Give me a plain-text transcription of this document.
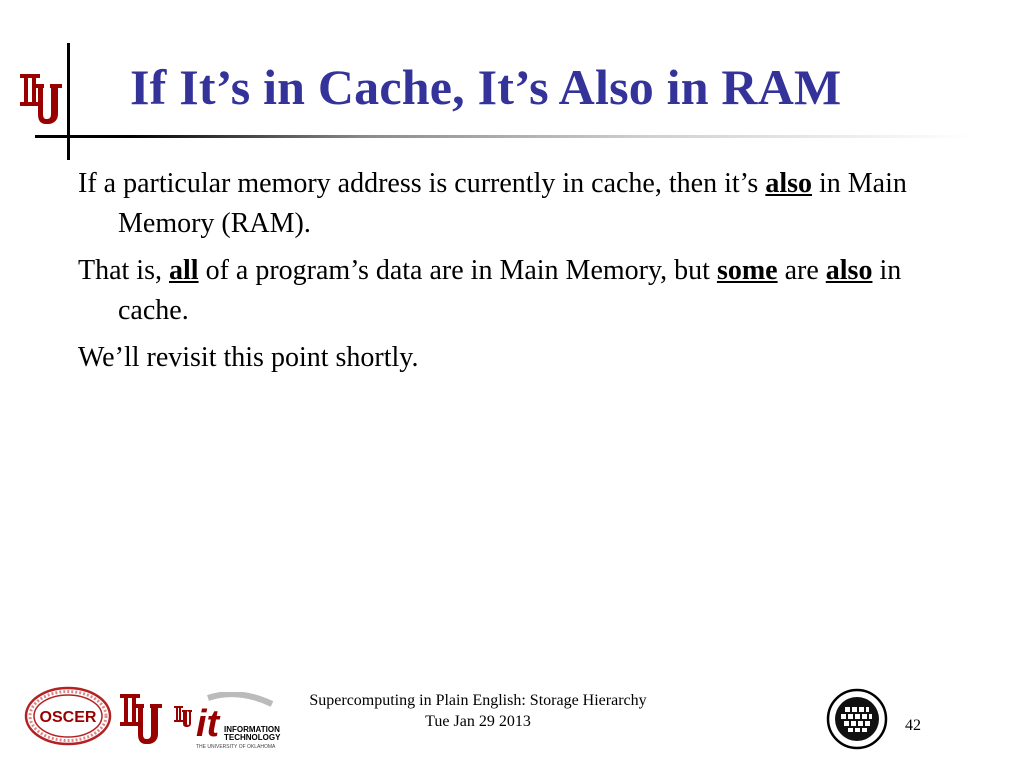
If It’s in Cache, It’s Also in RAM

If a particular memory address is currently in cache, then it’s also in Main Memory (RAM).

That is, all of a program’s data are in Main Memory, but some are also in cache.

We’ll revisit this point shortly.

OSCER	it INFORMATION
TECHNOLOGY
THE UNIVERSITY OF OKLAHOMA
Supercomputing in Plain English: Storage Hierarchy
Tue Jan 29 2013	42
